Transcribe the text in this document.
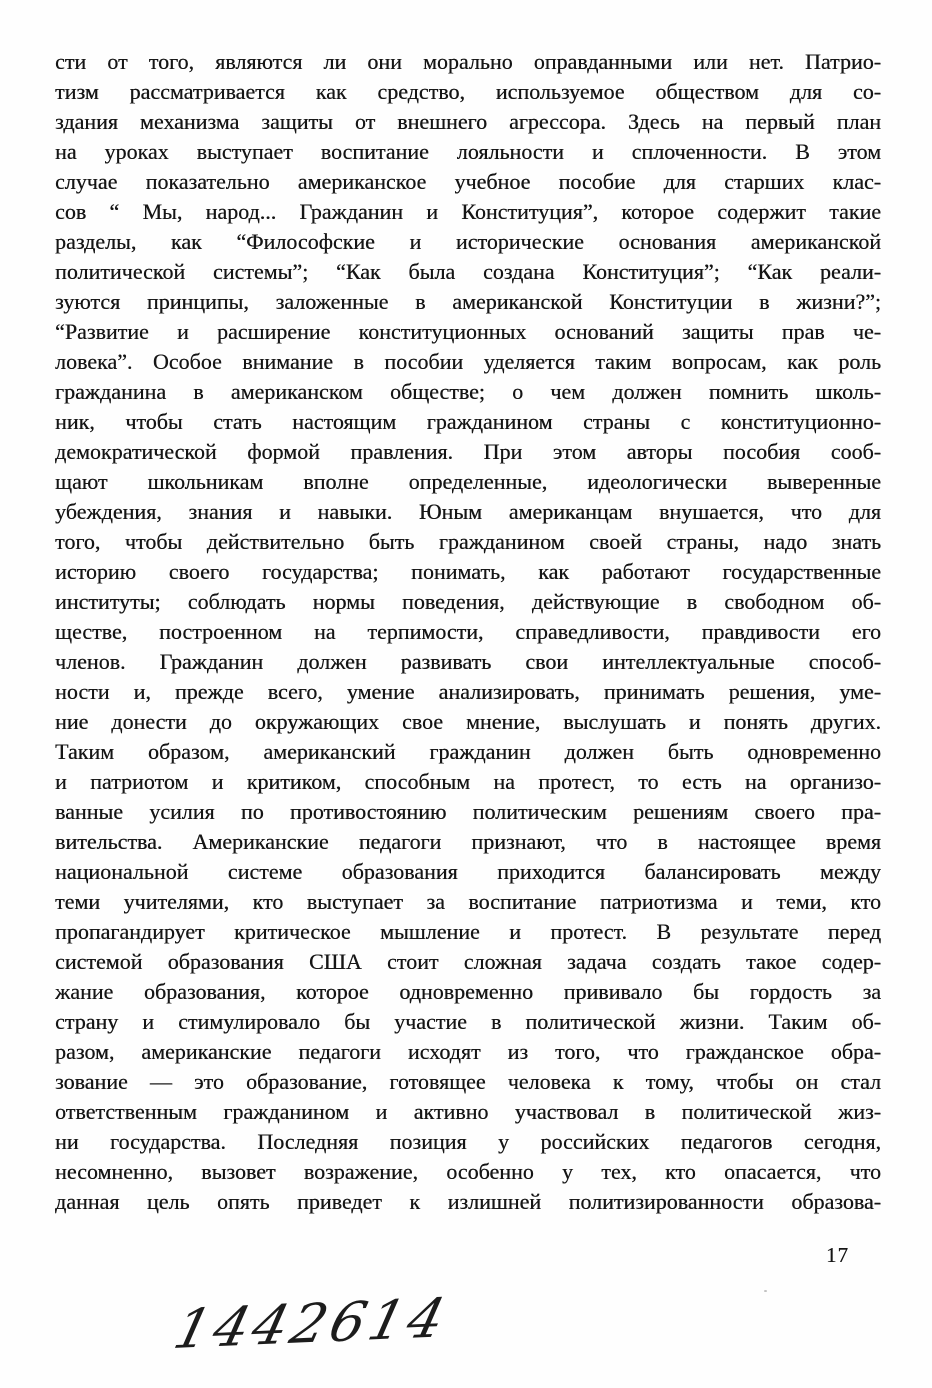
сти от того, являются ли они морально оправданными или нет. Патрио-
тизм рассматривается как средство, используемое обществом для со-
здания механизма защиты от внешнего агрессора. Здесь на первый план
на уроках выступает воспитание лояльности и сплоченности. В этом
случае показательно американское учебное пособие для старших клас-
сов “ Мы, народ... Гражданин и Конституция”, которое содержит такие
разделы, как “Философские и исторические основания американской
политической системы”; “Как была создана Конституция”; “Как реали-
зуются принципы, заложенные в американской Конституции в жизни?”;
“Развитие и расширение конституционных оснований защиты прав че-
ловека”. Особое внимание в пособии уделяется таким вопросам, как роль
гражданина в американском обществе; о чем должен помнить школь-
ник, чтобы стать настоящим гражданином страны с конституционно-
демократической формой правления. При этом авторы пособия сооб-
щают школьникам вполне определенные, идеологически выверенные
убеждения, знания и навыки. Юным американцам внушается, что для
того, чтобы действительно быть гражданином своей страны, надо знать
историю своего государства; понимать, как работают государственные
институты; соблюдать нормы поведения, действующие в свободном об-
ществе, построенном на терпимости, справедливости, правдивости его
членов. Гражданин должен развивать свои интеллектуальные способ-
ности и, прежде всего, умение анализировать, принимать решения, уме-
ние донести до окружающих свое мнение, выслушать и понять других.
Таким образом, американский гражданин должен быть одновременно
и патриотом и критиком, способным на протест, то есть на организо-
ванные усилия по противостоянию политическим решениям своего пра-
вительства. Американские педагоги признают, что в настоящее время
национальной системе образования приходится балансировать между
теми учителями, кто выступает за воспитание патриотизма и теми, кто
пропагандирует критическое мышление и протест. В результате перед
системой образования США стоит сложная задача создать такое содер-
жание образования, которое одновременно прививало бы гордость за
страну и стимулировало бы участие в политической жизни. Таким об-
разом, американские педагоги исходят из того, что гражданское обра-
зование — это образование, готовящее человека к тому, чтобы он стал
ответственным гражданином и активно участвовал в политической жиз-
ни государства. Последняя позиция у российских педагогов сегодня,
несомненно, вызовет возражение, особенно у тех, кто опасается, что
данная цель опять приведет к излишней политизированности образова-
17
1442614
